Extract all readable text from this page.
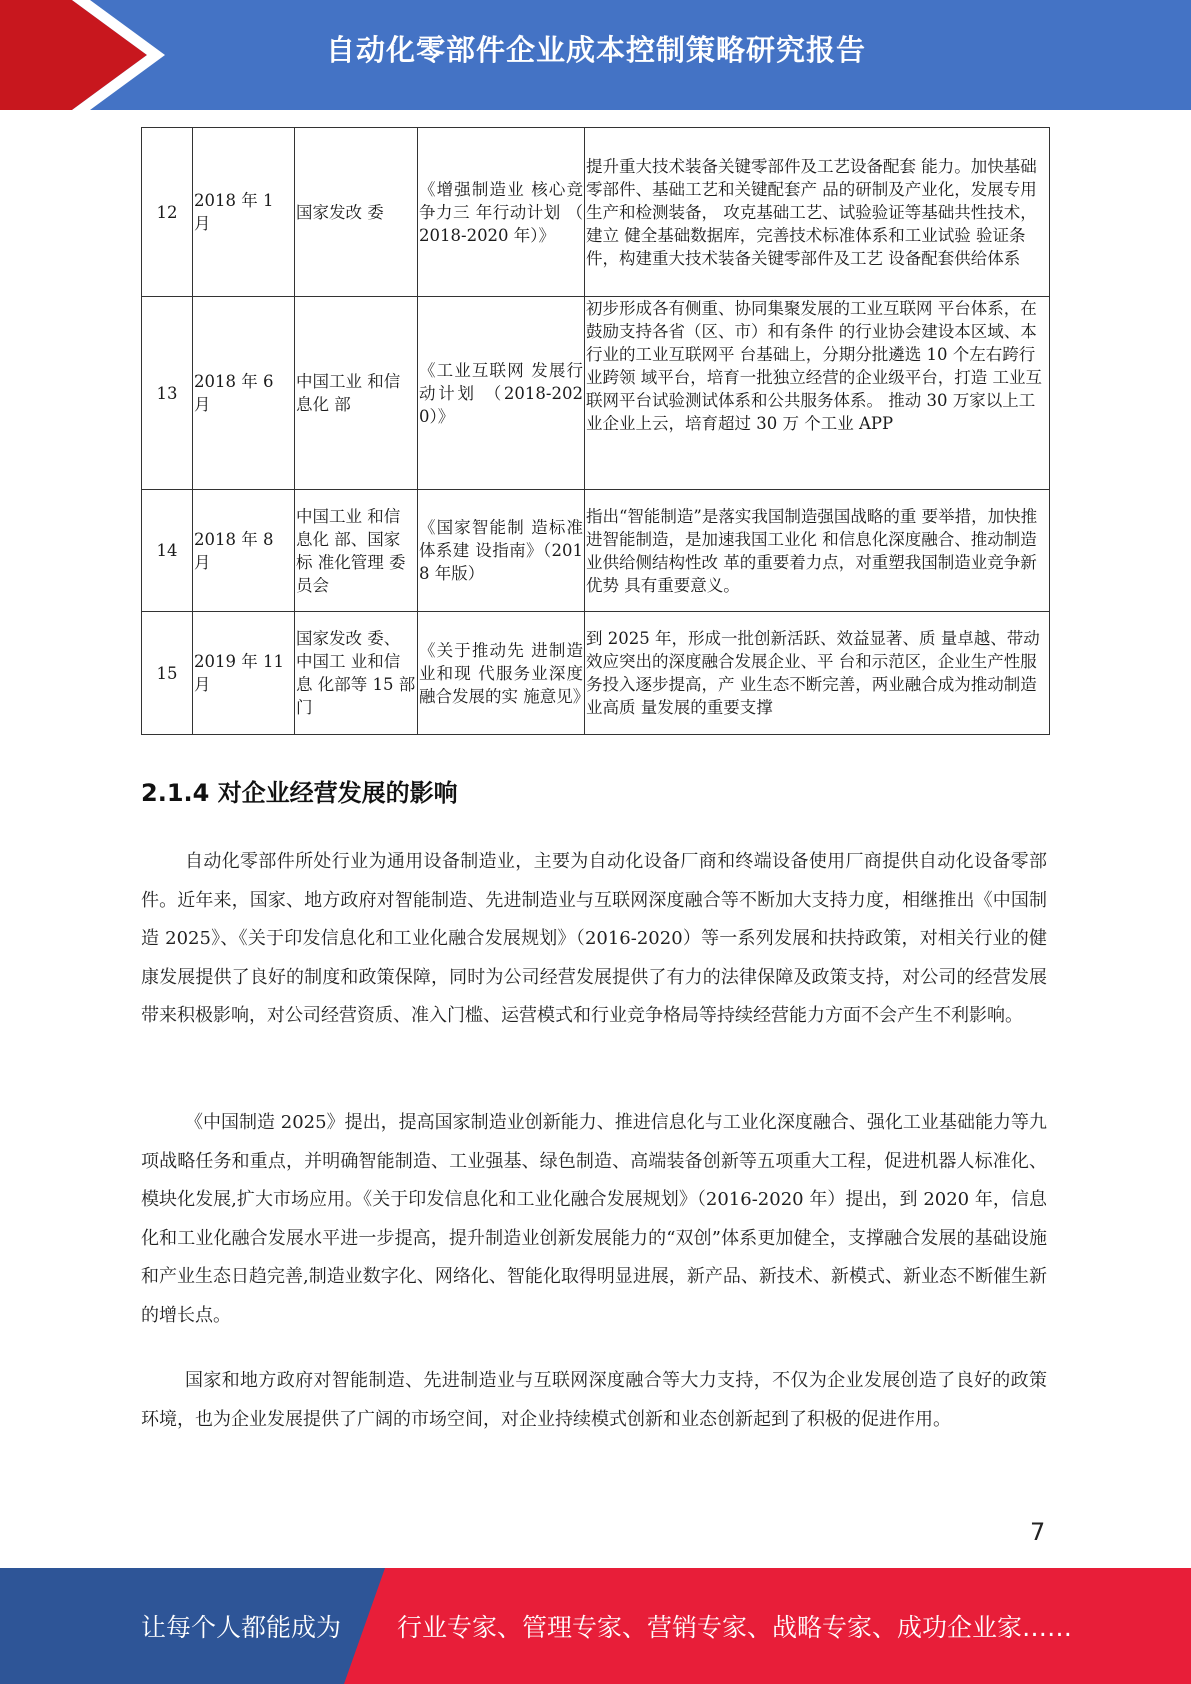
自动化零部件企业成本控制策略研究报告
12	2018 年 1 月	国家发改 委	《增强制造业 核心竞争力三 年行动计划 （ 2018-2020 年）》	提升重大技术装备关键零部件及工艺设备配套 能力。加快基础零部件、基础工艺和关键配套产 品的研制及产业化，发展专用生产和检测装备， 攻克基础工艺、试验验证等基础共性技术，建立 健全基础数据库，完善技术标准体系和工业试验 验证条件，构建重大技术装备关键零部件及工艺 设备配套供给体系
13	2018 年 6 月	中国工业 和信息化 部	《工业互联网 发展行动计划 （2018-2020）》	初步形成各有侧重、协同集聚发展的工业互联网 平台体系，在鼓励支持各省（区、市）和有条件 的行业协会建设本区域、本行业的工业互联网平 台基础上，分期分批遴选 10 个左右跨行业跨领 域平台，培育一批独立经营的企业级平台，打造 工业互联网平台试验测试体系和公共服务体系。 推动 30 万家以上工业企业上云，培育超过 30 万 个工业 APP
14	2018 年 8 月	中国工业 和信息化 部、国家标 准化管理 委员会	《国家智能制 造标准体系建 设指南》（2018 年版）	指出“智能制造”是落实我国制造强国战略的重 要举措，加快推进智能制造，是加速我国工业化 和信息化深度融合、推动制造业供给侧结构性改 革的重要着力点，对重塑我国制造业竞争新优势 具有重要意义。
15	2019 年 11 月	国家发改 委、中国工 业和信息 化部等 15 部门	《关于推动先 进制造业和现 代服务业深度 融合发展的实 施意见》	到 2025 年，形成一批创新活跃、效益显著、质 量卓越、带动效应突出的深度融合发展企业、平 台和示范区，企业生产性服务投入逐步提高，产 业生态不断完善，两业融合成为推动制造业高质 量发展的重要支撑
2.1.4 对企业经营发展的影响

自动化零部件所处行业为通用设备制造业，主要为自动化设备厂商和终端设备使用厂商提供自动化设备零部件。近年来，国家、地方政府对智能制造、先进制造业与互联网深度融合等不断加大支持力度，相继推出《中国制造 2025》、《关于印发信息化和工业化融合发展规划》（2016-2020）等一系列发展和扶持政策，对相关行业的健康发展提供了良好的制度和政策保障，同时为公司经营发展提供了有力的法律保障及政策支持，对公司的经营发展带来积极影响，对公司经营资质、准入门槛、运营模式和行业竞争格局等持续经营能力方面不会产生不利影响。

《中国制造 2025》提出，提高国家制造业创新能力、推进信息化与工业化深度融合、强化工业基础能力等九项战略任务和重点，并明确智能制造、工业强基、绿色制造、高端装备创新等五项重大工程，促进机器人标准化、模块化发展,扩大市场应用。《关于印发信息化和工业化融合发展规划》（2016-2020 年）提出，到 2020 年，信息化和工业化融合发展水平进一步提高，提升制造业创新发展能力的“双创”体系更加健全，支撑融合发展的基础设施和产业生态日趋完善,制造业数字化、网络化、智能化取得明显进展，新产品、新技术、新模式、新业态不断催生新的增长点。

国家和地方政府对智能制造、先进制造业与互联网深度融合等大力支持，不仅为企业发展创造了良好的政策环境，也为企业发展提供了广阔的市场空间，对企业持续模式创新和业态创新起到了积极的促进作用。

7
让每个人都能成为 行业专家、管理专家、营销专家、战略专家、成功企业家……
